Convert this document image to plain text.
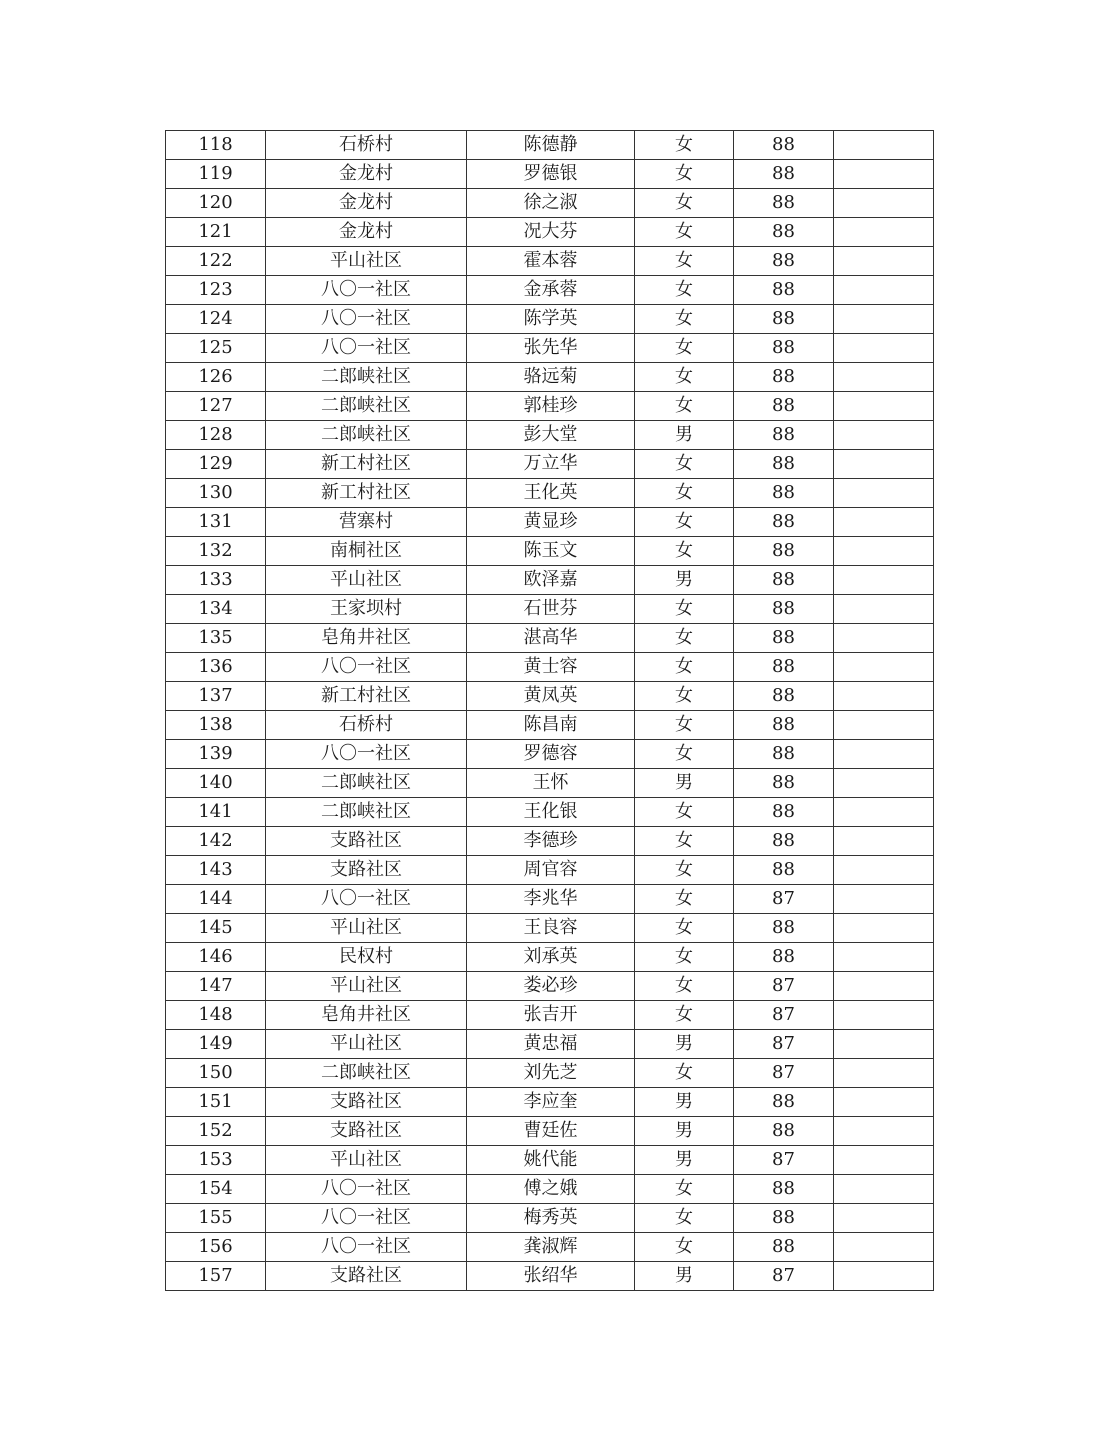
118	石桥村	陈德静	女	88	
119	金龙村	罗德银	女	88	
120	金龙村	徐之淑	女	88	
121	金龙村	况大芬	女	88	
122	平山社区	霍本蓉	女	88	
123	八〇一社区	金承蓉	女	88	
124	八〇一社区	陈学英	女	88	
125	八〇一社区	张先华	女	88	
126	二郎峡社区	骆远菊	女	88	
127	二郎峡社区	郭桂珍	女	88	
128	二郎峡社区	彭大堂	男	88	
129	新工村社区	万立华	女	88	
130	新工村社区	王化英	女	88	
131	营寨村	黄显珍	女	88	
132	南桐社区	陈玉文	女	88	
133	平山社区	欧泽嘉	男	88	
134	王家坝村	石世芬	女	88	
135	皂角井社区	湛高华	女	88	
136	八〇一社区	黄士容	女	88	
137	新工村社区	黄凤英	女	88	
138	石桥村	陈昌南	女	88	
139	八〇一社区	罗德容	女	88	
140	二郎峡社区	王怀	男	88	
141	二郎峡社区	王化银	女	88	
142	支路社区	李德珍	女	88	
143	支路社区	周官容	女	88	
144	八〇一社区	李兆华	女	87	
145	平山社区	王良容	女	88	
146	民权村	刘承英	女	88	
147	平山社区	娄必珍	女	87	
148	皂角井社区	张吉开	女	87	
149	平山社区	黄忠福	男	87	
150	二郎峡社区	刘先芝	女	87	
151	支路社区	李应奎	男	88	
152	支路社区	曹廷佐	男	88	
153	平山社区	姚代能	男	87	
154	八〇一社区	傅之娥	女	88	
155	八〇一社区	梅秀英	女	88	
156	八〇一社区	龚淑辉	女	88	
157	支路社区	张绍华	男	87	
